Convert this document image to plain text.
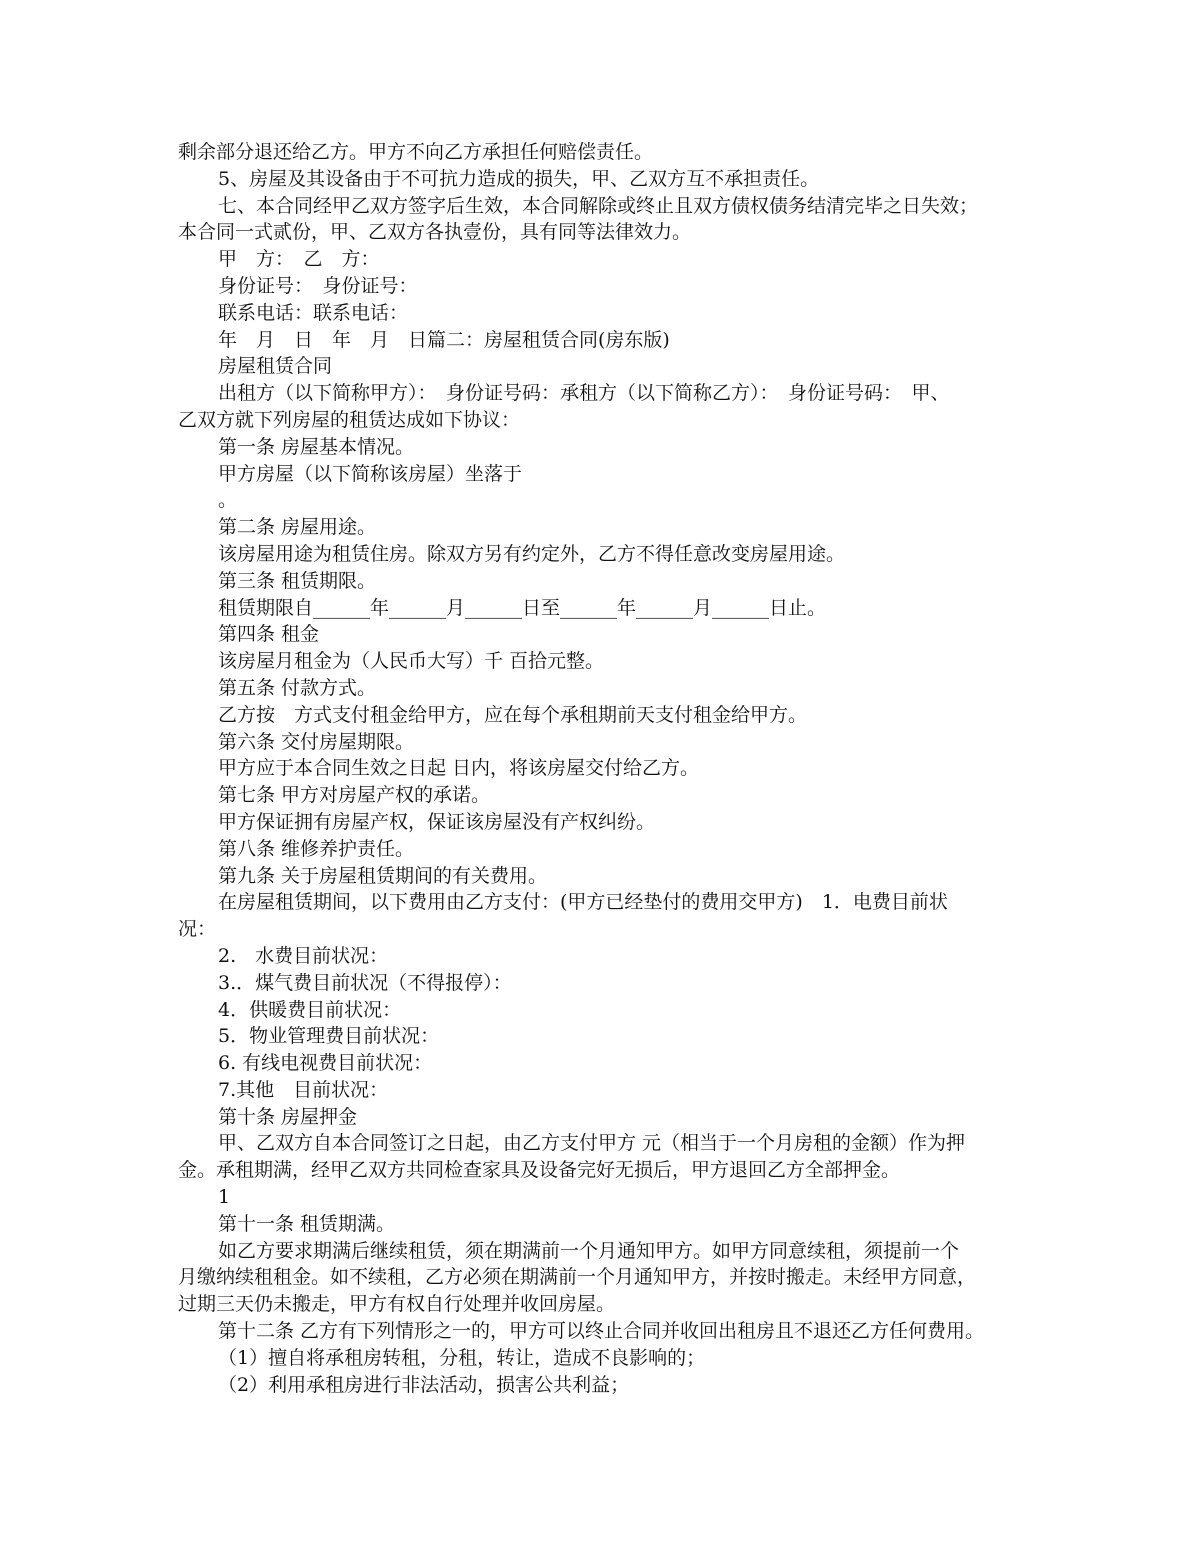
剩余部分退还给乙方。甲方不向乙方承担任何赔偿责任。
5、房屋及其设备由于不可抗力造成的损失，甲、乙双方互不承担责任。
七、本合同经甲乙双方签字后生效，本合同解除或终止且双方债权债务结清完毕之日失效；
本合同一式贰份，甲、乙双方各执壹份，具有同等法律效力。
甲　方：　乙　方：
身份证号：　身份证号：
联系电话：联系电话：
年　月　日　年　月　日篇二：房屋租赁合同(房东版)
房屋租赁合同
出租方（以下简称甲方）：　身份证号码：承租方（以下简称乙方）：　身份证号码：　甲、
乙双方就下列房屋的租赁达成如下协议：
第一条 房屋基本情况。
甲方房屋（以下简称该房屋）坐落于
。
第二条 房屋用途。
该房屋用途为租赁住房。除双方另有约定外，乙方不得任意改变房屋用途。
第三条 租赁期限。
租赁期限自______年______月______日至______年______月______日止。
第四条 租金
该房屋月租金为（人民币大写）千 百拾元整。
第五条 付款方式。
乙方按　方式支付租金给甲方，应在每个承租期前天支付租金给甲方。
第六条 交付房屋期限。
甲方应于本合同生效之日起 日内，将该房屋交付给乙方。
第七条 甲方对房屋产权的承诺。
甲方保证拥有房屋产权，保证该房屋没有产权纠纷。
第八条 维修养护责任。
第九条 关于房屋租赁期间的有关费用。
在房屋租赁期间，以下费用由乙方支付：(甲方已经垫付的费用交甲方)　1．电费目前状
况：
2.　水费目前状况：
3.．煤气费目前状况（不得报停）：
4．供暖费目前状况：
5．物业管理费目前状况：
6. 有线电视费目前状况：
7.其他　目前状况：
第十条 房屋押金
甲、乙双方自本合同签订之日起，由乙方支付甲方 元（相当于一个月房租的金额）作为押
金。承租期满，经甲乙双方共同检查家具及设备完好无损后，甲方退回乙方全部押金。
1
第十一条 租赁期满。
如乙方要求期满后继续租赁，须在期满前一个月通知甲方。如甲方同意续租，须提前一个
月缴纳续租租金。如不续租，乙方必须在期满前一个月通知甲方，并按时搬走。未经甲方同意，
过期三天仍未搬走，甲方有权自行处理并收回房屋。
第十二条 乙方有下列情形之一的，甲方可以终止合同并收回出租房且不退还乙方任何费用。
（1）擅自将承租房转租，分租，转让，造成不良影响的；
（2）利用承租房进行非法活动，损害公共利益；
